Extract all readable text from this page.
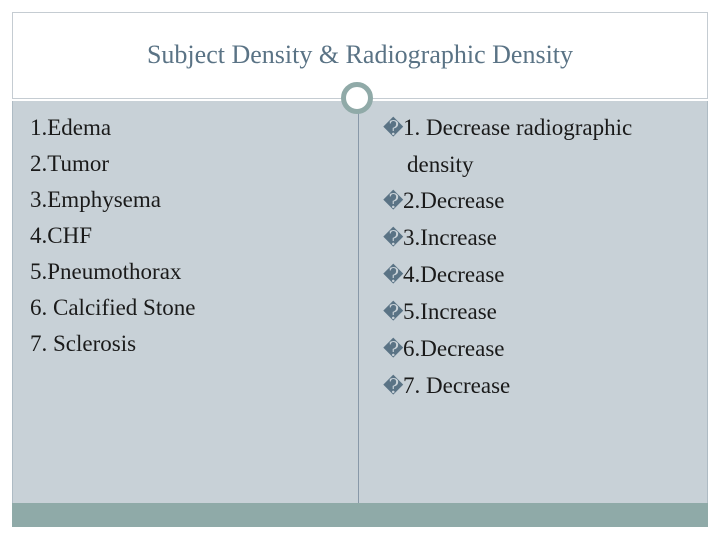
Subject Density & Radiographic Density
1.Edema
2.Tumor
3.Emphysema
4.CHF
5.Pneumothorax
6. Calcified Stone
7. Sclerosis
�1. Decrease radiographic
density
�2.Decrease
�3.Increase
�4.Decrease
�5.Increase
�6.Decrease
�7. Decrease
